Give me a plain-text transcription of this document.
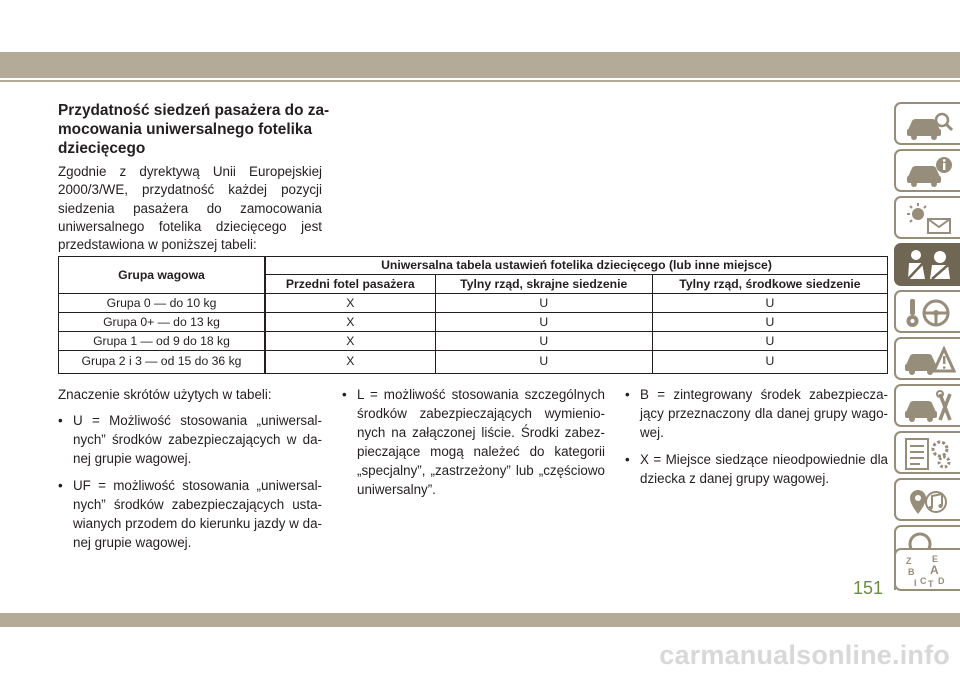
Przydatność siedzeń pasażera do za-mocowania uniwersalnego fotelika dziecięcego

Zgodnie z dyrektywą Unii Europejskiej 2000/3/WE, przydatność każdej pozycji siedzenia pasażera do zamocowania uniwersalnego fotelika dziecięcego jest przedstawiona w poniższej tabeli:

Grupa wagowa	Uniwersalna tabela ustawień fotelika dziecięcego (lub inne miejsce)		
	Przedni fotel pasażera	Tylny rząd, skrajne siedzenie	Tylny rząd, środkowe siedzenie
Grupa 0 — do 10 kg	X	U	U
Grupa 0+ — do 13 kg	X	U	U
Grupa 1 — od 9 do 18 kg	X	U	U
Grupa 2 i 3 — od 15 do 36 kg	X	U	U

Znaczenie skrótów użytych w tabeli:

• U = Możliwość stosowania „uniwersal-nych” środków zabezpieczających w da-nej grupie wagowej.
• UF = możliwość stosowania „uniwersal-nych” środków zabezpieczających usta-wianych przodem do kierunku jazdy w da-nej grupie wagowej.
• L = możliwość stosowania szczególnych środków zabezpieczających wymienio-nych na załączonej liście. Środki zabez-pieczające mogą należeć do kategorii „specjalny”, „zastrzeżony” lub „częściowo uniwersalny”.
• B = zintegrowany środek zabezpiecza-jący przeznaczony dla danej grupy wago-wej.
• X = Miejsce siedzące nieodpowiednie dla dziecka z danej grupy wagowej.
Z E
B A
I C D
T
151
carmanualsonline.info
